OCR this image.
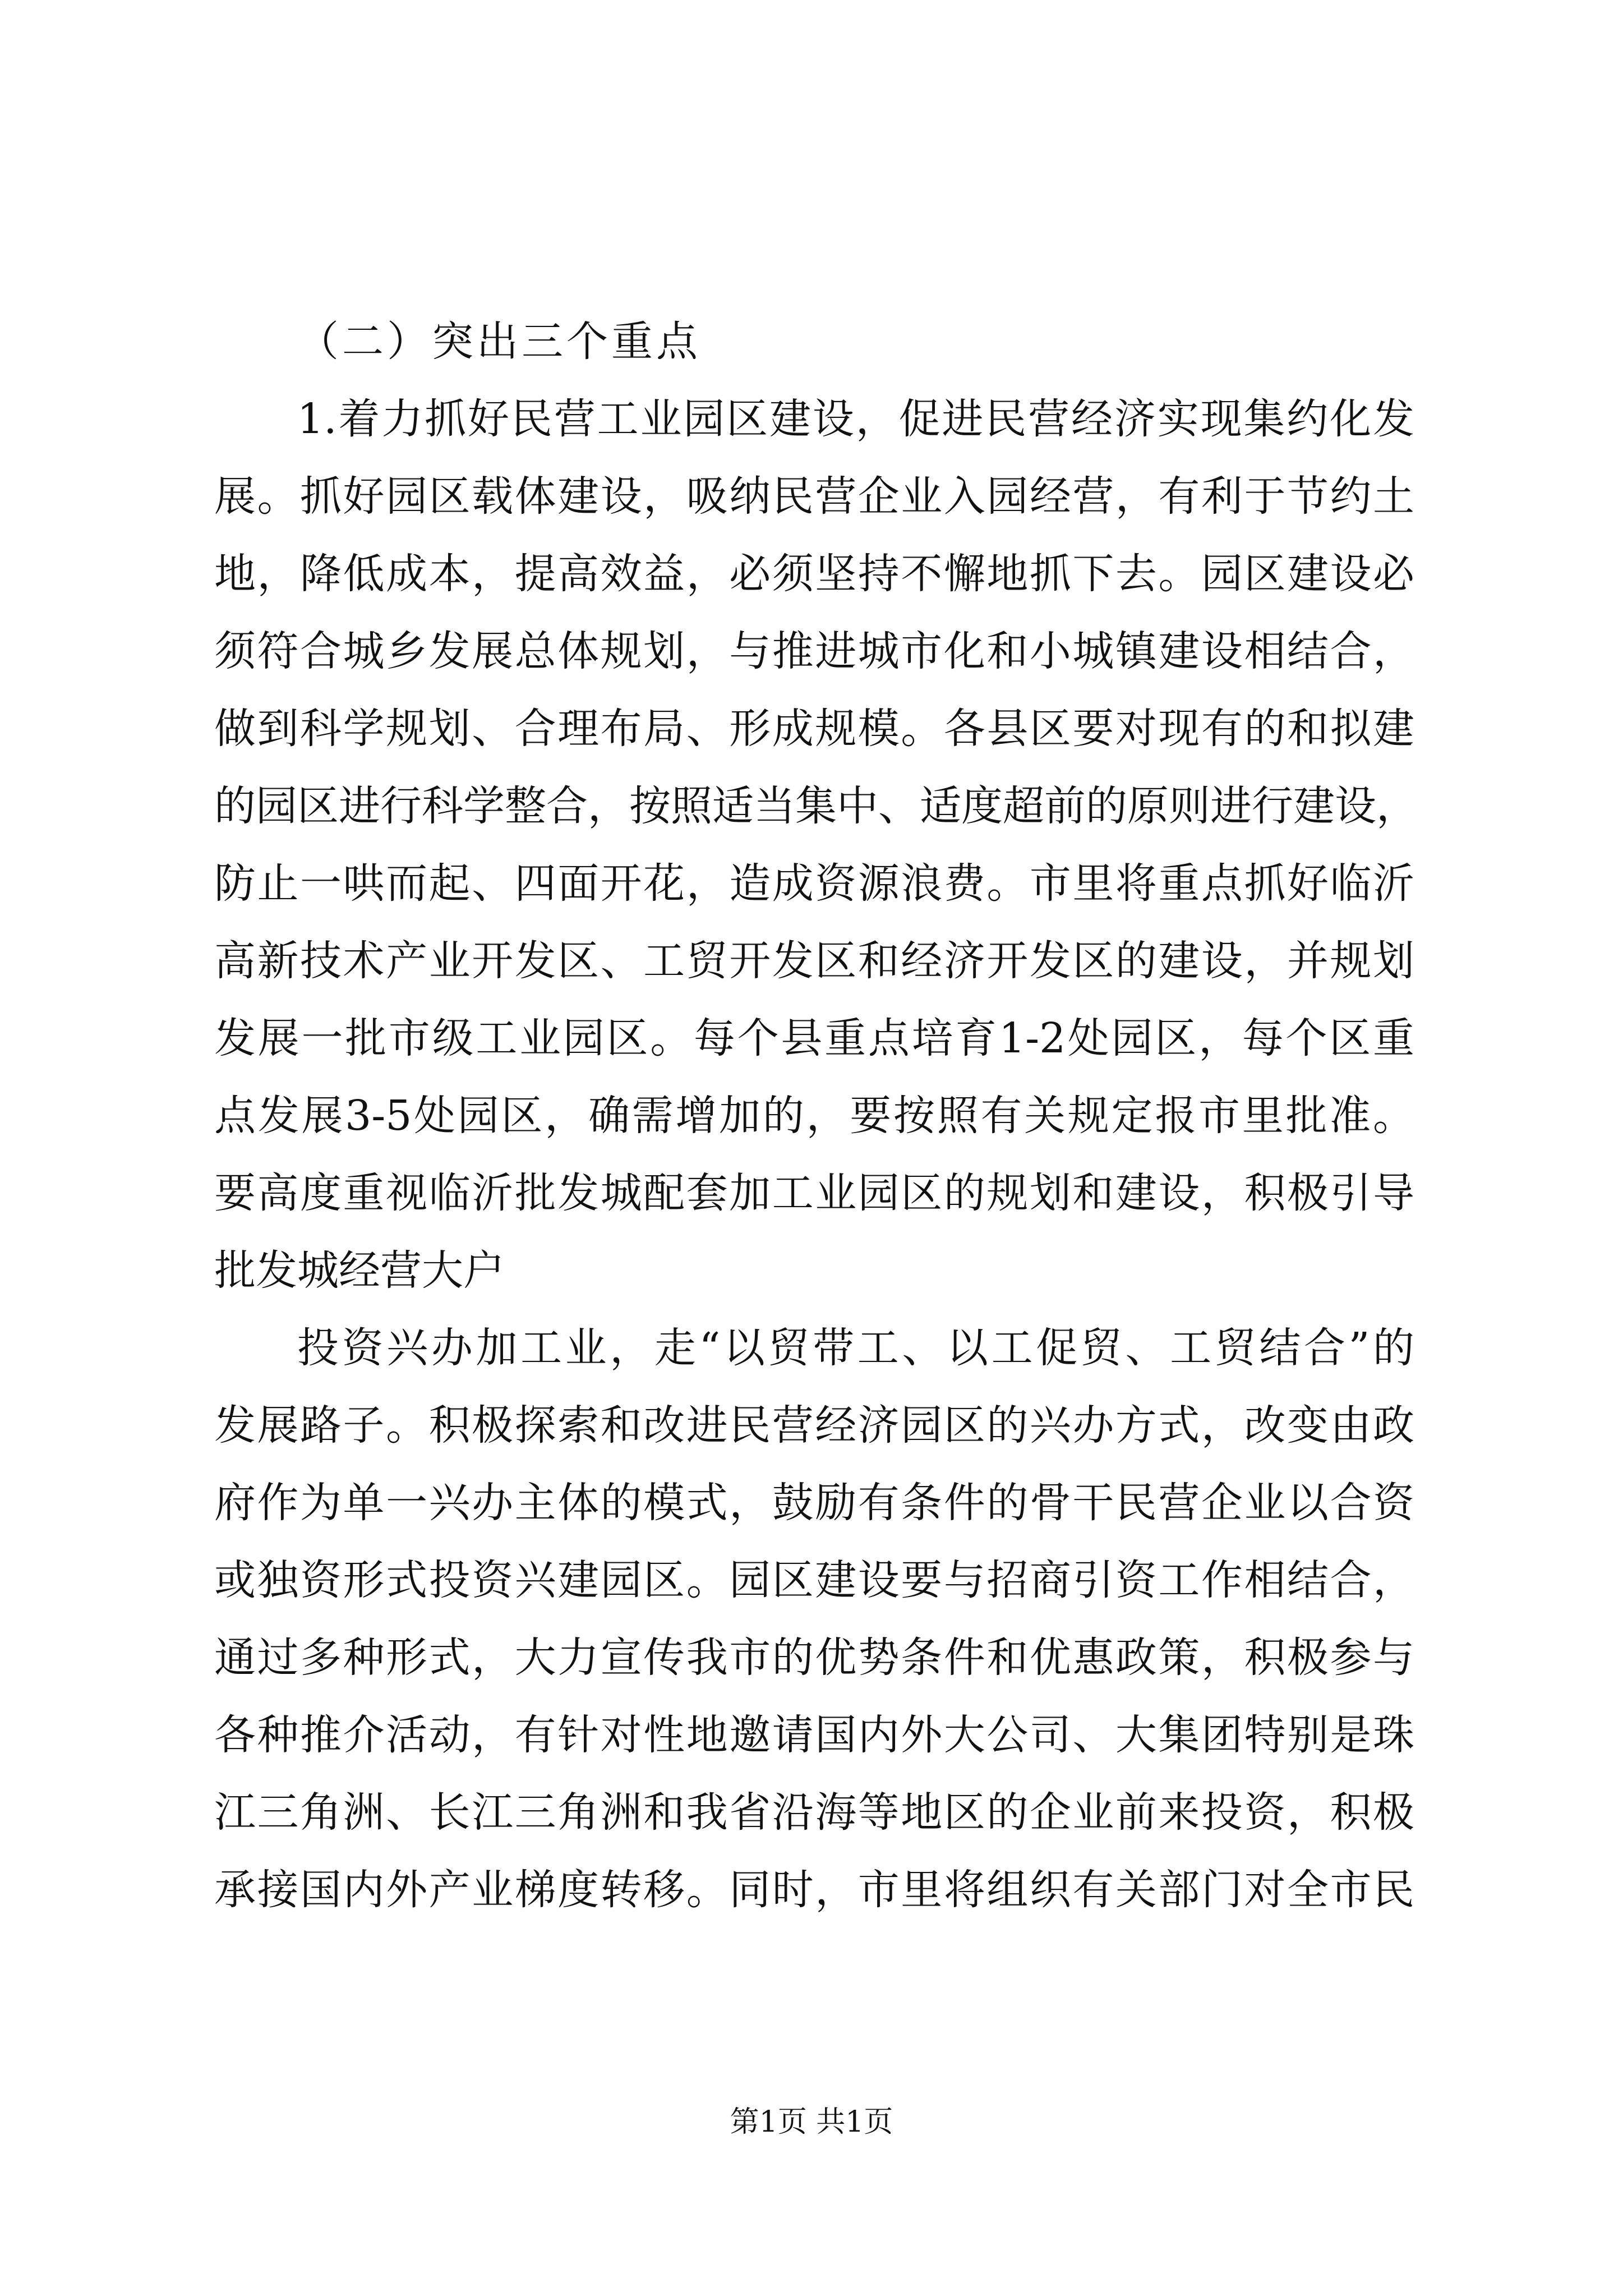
（二）突出三个重点
1.着力抓好民营工业园区建设，促进民营经济实现集约化发
展。抓好园区载体建设，吸纳民营企业入园经营，有利于节约土
地，降低成本，提高效益，必须坚持不懈地抓下去。园区建设必
须符合城乡发展总体规划，与推进城市化和小城镇建设相结合，
做到科学规划、合理布局、形成规模。各县区要对现有的和拟建
的园区进行科学整合，按照适当集中、适度超前的原则进行建设，
防止一哄而起、四面开花，造成资源浪费。市里将重点抓好临沂
高新技术产业开发区、工贸开发区和经济开发区的建设，并规划
发展一批市级工业园区。每个县重点培育1-2处园区，每个区重
点发展3-5处园区，确需增加的，要按照有关规定报市里批准。
要高度重视临沂批发城配套加工业园区的规划和建设，积极引导
批发城经营大户
投资兴办加工业，走“以贸带工、以工促贸、工贸结合”的
发展路子。积极探索和改进民营经济园区的兴办方式，改变由政
府作为单一兴办主体的模式，鼓励有条件的骨干民营企业以合资
或独资形式投资兴建园区。园区建设要与招商引资工作相结合，
通过多种形式，大力宣传我市的优势条件和优惠政策，积极参与
各种推介活动，有针对性地邀请国内外大公司、大集团特别是珠
江三角洲、长江三角洲和我省沿海等地区的企业前来投资，积极
承接国内外产业梯度转移。同时，市里将组织有关部门对全市民
第1页 共1页
